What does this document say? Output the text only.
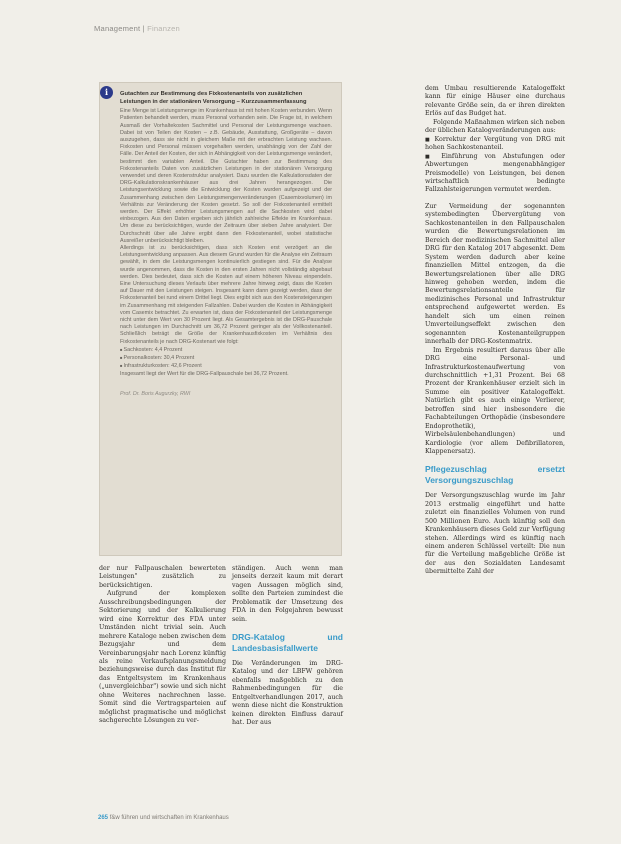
Management | Finanzen
Gutachten zur Bestimmung des Fixkostenanteils von zusätzlichen Leistungen in der stationären Versorgung – Kurzzusammenfassung

Eine Menge ist Leistungsmenge im Krankenhaus ist mit hohen Kosten verbunden. Wenn Patienten behandelt werden, muss Personal vorhanden sein. Die Frage ist, in welchem Ausmaß der Vorhaltekosten Sachmittel und Personal der Leistungsmenge wachsen. Dabei ist von Teilen der Kosten – z.B. Gebäude, Ausstattung, Großgeräte – davon auszugehen, dass sie nicht in gleichem Maße mit der erbrachten Leistung wachsen. Fixkosten und Personal müssen vorgehalten werden, unabhängig von der Zahl der Fälle. Der Anteil der Kosten, der sich in Abhängigkeit von der Leistungsmenge verändert, bestimmt den variablen Anteil. Die Gutachter haben zur Bestimmung des Fixkostenanteils Daten von zusätzlichen Leistungen in der stationären Versorgung verwendet und deren Kostenstruktur analysiert. Dazu wurden die Kalkulationsdaten der DRG-Kalkulationskrankenhäuser aus drei Jahren herangezogen. Die Leistungsentwicklung sowie die Entwicklung der Kosten wurden aufgezeigt und der Zusammenhang zwischen den Leistungsmengenveränderungen (Casemixvolumen) im Verhältnis zur Veränderung der Kosten gesetzt. So soll der Fixkostenanteil ermittelt werden. Der Effekt erhöhter Leistungsmengen auf die Sachkosten wird dabei einbezogen. Aus den Daten ergeben sich jährlich zahlreiche Effekte im Krankenhaus. Um diese zu berücksichtigen, wurde der Zeitraum über sieben Jahre analysiert. Der Durchschnitt über alle Jahre ergibt dann den Fixkostenanteil, wobei statistische Ausreißer unberücksichtigt bleiben.

Allerdings ist zu berücksichtigen, dass sich Kosten erst verzögert an die Leistungsentwicklung anpassen. Aus diesem Grund wurden für die Analyse ein Zeitraum gewählt, in dem die Leistungsmengen kontinuierlich gestiegen sind. Für die Analyse wurde angenommen, dass die Kosten in den ersten Jahren nicht vollständig abgebaut werden. Dies bedeutet, dass sich die Kosten auf einem höheren Niveau einpendeln. Eine Untersuchung dieses Verlaufs über mehrere Jahre hinweg zeigt, dass die Kosten auf Dauer mit den Leistungen steigen. Insgesamt kann dann gezeigt werden, dass der Fixkostenanteil bei rund einem Drittel liegt. Dies ergibt sich aus den Kostensteigerungen im Zusammenhang mit steigenden Fallzahlen. Dabei wurden die Kosten in Abhängigkeit vom Casemix betrachtet. Zu erwarten ist, dass der Fixkostenanteil der Leistungsmenge nicht unter dem Wert von 30 Prozent liegt. Als Gesamtergebnis ist die DRG-Pauschale nach Leistungen im Durchschnitt um 36,72 Prozent geringer als der Vollkostenanteil. Schließlich beträgt die Größe der Krankenhausfixkosten im Verhältnis des Fixkostenanteils je nach DRG-Kostenart wie folgt:

■ Sachkosten: 4,4 Prozent
■ Personalkosten: 30,4 Prozent
■ Infrastrukturkosten: 42,6 Prozent

Insgesamt liegt der Wert für die DRG-Fallpauschale bei 36,72 Prozent.

Prof. Dr. Boris Augurzky, RWI
i

der nur Fallpauschalen bewerteten Leistungen" zusätzlich zu berücksichtigen.

Aufgrund der komplexen Ausschreibungsbedingungen der Sektorierung und der Kalkulierung wird eine Korrektur des FDA unter Umständen nicht trivial sein. Auch mehrere Kataloge neben zwischen dem Bezugsjahr und dem Vereinbarungsjahr nach Lorenz künftig als reine Verkaufsplanungsmeldung beziehungsweise durch das Institut für das Entgeltsystem im Krankenhaus („unvergleichbar") sowie und sich nicht ohne Weiteres nachrechnen lasse. Somit sind die Vertragsparteien auf möglichst pragmatische und möglichst sachgerechte Lösungen zu ver-

ständigen. Auch wenn man jenseits derzeit kaum mit derart vagen Aussagen möglich sind, sollte den Parteien zumindest die Problematik der Umsetzung des FDA in den Folgejahren bewusst sein.

DRG-Katalog und Landesbasisfallwerte

Die Veränderungen im DRG-Katalog und der LBFW gehören ebenfalls maßgeblich zu den Rahmenbedingungen für die Entgeltverhandlungen 2017, auch wenn diese nicht die Konstruktion keinen direkten Einfluss darauf hat. Der aus

dem Umbau resultierende Katalogeffekt kann für einige Häuser eine durchaus relevante Größe sein, da er ihren direkten Erlös auf das Budget hat.

Folgende Maßnahmen wirken sich neben der üblichen Katalogveränderungen aus:

■ Korrektur der Vergütung von DRG mit hohen Sachkostenanteil.
■ Einführung von Abstufungen oder Abwertungen mengenabhängiger Preismodelle) von Leistungen, bei denen wirtschaftlich bedingte Fallzahlsteigerungen vermutet werden.

Zur Vermeidung der sogenannten systembedingten Übervergütung von Sachkostenanteilen in den Fallpauschalen wurden die Bewertungsrelationen im Bereich der medizinischen Sachmittel aller DRG für den Katalog 2017 abgesenkt. Dem System werden dadurch aber keine finanziellen Mittel entzogen, da die Bewertungsrelationen über alle DRG hinweg gehoben werden, indem die Bewertungsrelationsanteile für medizinisches Personal und Infrastruktur entsprechend aufgewertet werden. Es handelt sich um einen reinen Umverteilungseffekt zwischen den sogenannten Kostenanteilgruppen innerhalb der DRG-Kostenmatrix.

Im Ergebnis resultiert daraus über alle DRG eine Personal- und Infrastrukturkostenaufwertung von durchschnittlich +1,31 Prozent. Bei 68 Prozent der Krankenhäuser erzielt sich in Summe ein positiver Katalogeffekt. Natürlich gibt es auch einige Verlierer, betroffen sind hier insbesondere die Fachabteilungen Orthopädie (insbesondere Endoprothetik), Wirbelsäulenbehandlungen) und Kardiologie (vor allem Defibrillatoren, Klappenersatz).

Pflegezuschlag ersetzt Versorgungszuschlag

Der Versorgungszuschlag wurde im Jahr 2013 erstmalig eingeführt und hatte zuletzt ein finanzielles Volumen von rund 500 Millionen Euro. Auch künftig soll den Krankenhäusern dieses Geld zur Verfügung stehen. Allerdings wird es künftig nach einem anderen Schlüssel verteilt: Die nun für die Verteilung maßgebliche Größe ist der aus den Sozialdaten Landesamt übermittelte Zahl der

265 f&w führen und wirtschaften im Krankenhaus
